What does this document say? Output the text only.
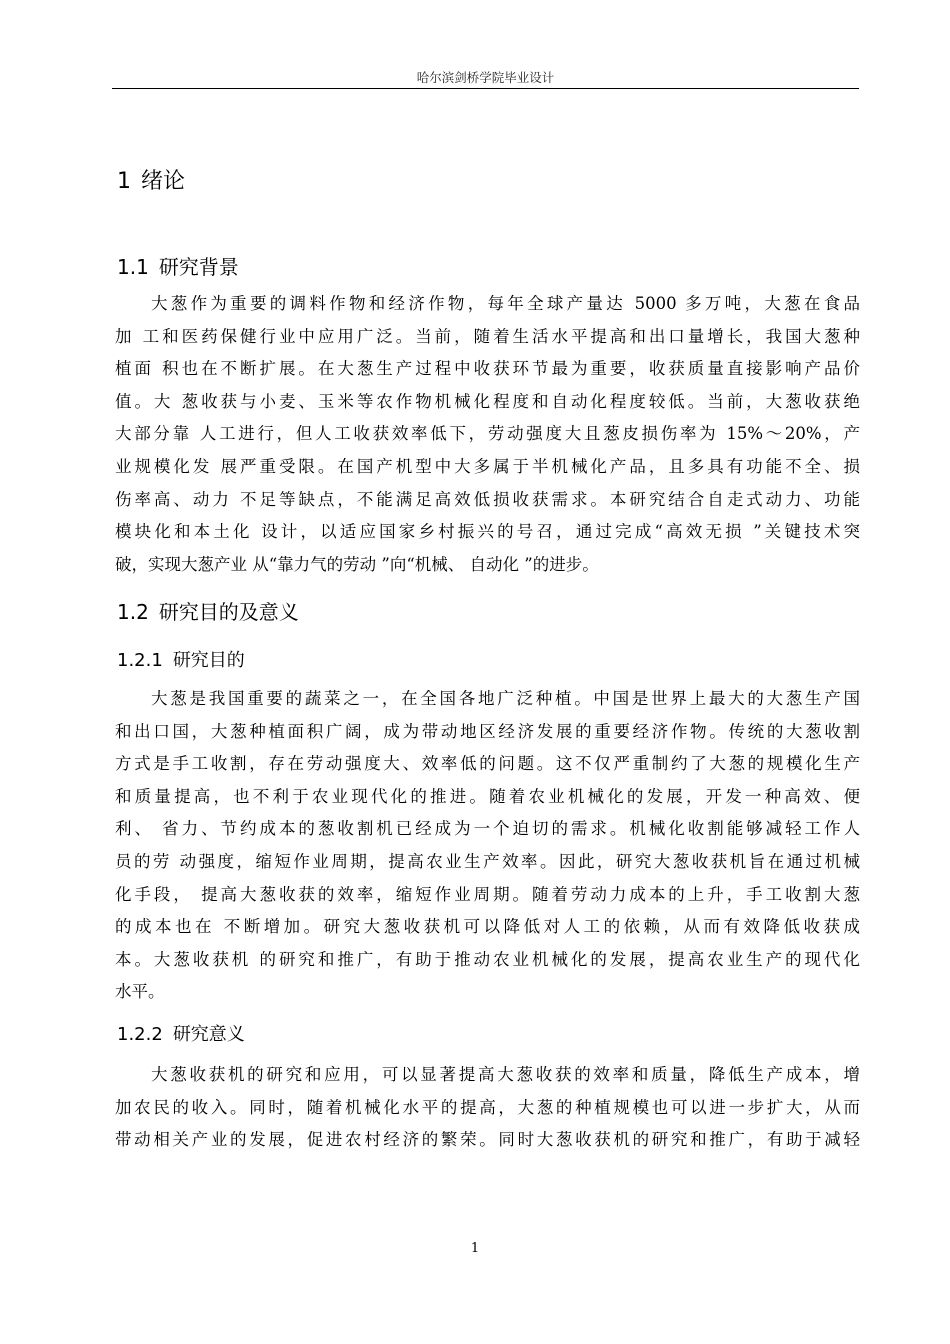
哈尔滨剑桥学院毕业设计
1 绪论
1.1 研究背景
大葱作为重要的调料作物和经济作物，每年全球产量达 5000 多万吨，大葱在食品
加 工和医药保健行业中应用广泛。当前，随着生活水平提高和出口量增长，我国大葱种
植面 积也在不断扩展。在大葱生产过程中收获环节最为重要，收获质量直接影响产品价
值。大 葱收获与小麦、玉米等农作物机械化程度和自动化程度较低。当前，大葱收获绝
大部分靠 人工进行，但人工收获效率低下，劳动强度大且葱皮损伤率为 15%～20%，产
业规模化发 展严重受限。在国产机型中大多属于半机械化产品，且多具有功能不全、损
伤率高、动力 不足等缺点，不能满足高效低损收获需求。本研究结合自走式动力、功能
模块化和本土化 设计，以适应国家乡村振兴的号召，通过完成“高效无损 ”关键技术突
破，实现大葱产业 从“靠力气的劳动 ”向“机械、 自动化 ”的进步。
1.2 研究目的及意义
1.2.1 研究目的
大葱是我国重要的蔬菜之一，在全国各地广泛种植。中国是世界上最大的大葱生产国
和出口国，大葱种植面积广阔，成为带动地区经济发展的重要经济作物。传统的大葱收割
方式是手工收割，存在劳动强度大、效率低的问题。这不仅严重制约了大葱的规模化生产
和质量提高，也不利于农业现代化的推进。随着农业机械化的发展，开发一种高效、便
利、 省力、节约成本的葱收割机已经成为一个迫切的需求。机械化收割能够减轻工作人
员的劳 动强度，缩短作业周期，提高农业生产效率。因此，研究大葱收获机旨在通过机械
化手段， 提高大葱收获的效率，缩短作业周期。随着劳动力成本的上升，手工收割大葱
的成本也在 不断增加。研究大葱收获机可以降低对人工的依赖，从而有效降低收获成
本。大葱收获机 的研究和推广，有助于推动农业机械化的发展，提高农业生产的现代化
水平。
1.2.2 研究意义
大葱收获机的研究和应用，可以显著提高大葱收获的效率和质量，降低生产成本，增
加农民的收入。同时，随着机械化水平的提高，大葱的种植规模也可以进一步扩大，从而
带动相关产业的发展，促进农村经济的繁荣。同时大葱收获机的研究和推广，有助于减轻
1
